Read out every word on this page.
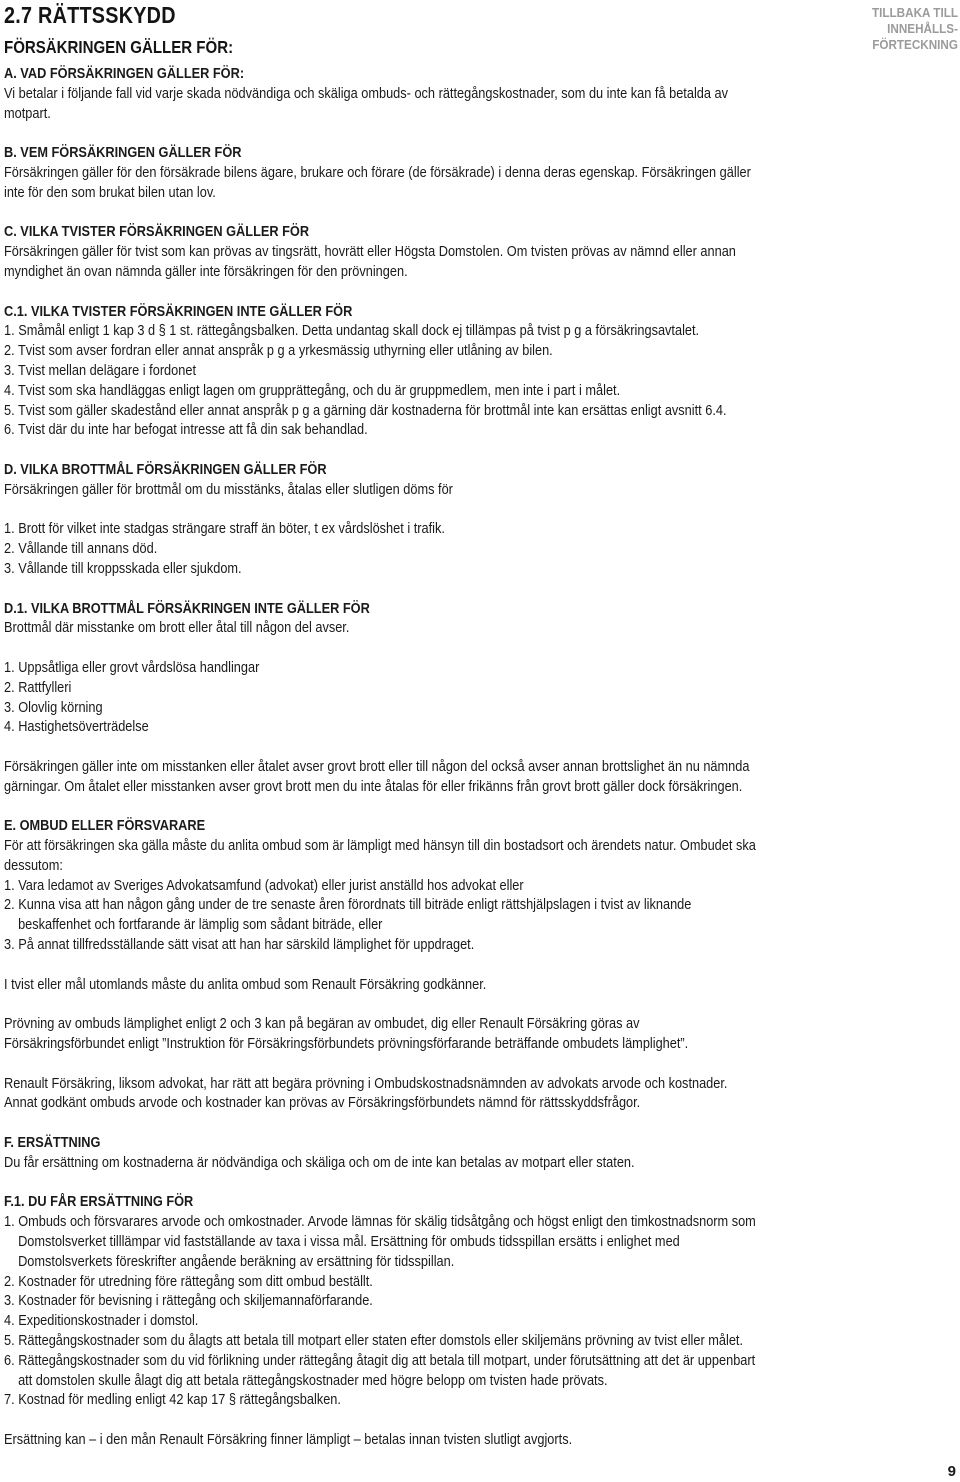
2.7 RÄTTSSKYDD
FÖRSÄKRINGEN GÄLLER FÖR:
TILLBAKA TILL INNEHÅLLS-FÖRTECKNING
A. VAD FÖRSÄKRINGEN GÄLLER FÖR:

Vi betalar i följande fall vid varje skada nödvändiga och skäliga ombuds- och rättegångskostnader, som du inte kan få betalda av motpart.

B. VEM FÖRSÄKRINGEN GÄLLER FÖR

Försäkringen gäller för den försäkrade bilens ägare, brukare och förare (de försäkrade) i denna deras egenskap. Försäkringen gäller inte för den som brukat bilen utan lov.

C. VILKA TVISTER FÖRSÄKRINGEN GÄLLER FÖR

Försäkringen gäller för tvist som kan prövas av tingsrätt, hovrätt eller Högsta Domstolen. Om tvisten prövas av nämnd eller annan myndighet än ovan nämnda gäller inte försäkringen för den prövningen.

C.1. VILKA TVISTER FÖRSÄKRINGEN INTE GÄLLER FÖR
1. Småmål enligt 1 kap 3 d § 1 st. rättegångsbalken. Detta undantag skall dock ej tillämpas på tvist p g a försäkringsavtalet.
2. Tvist som avser fordran eller annat anspråk p g a yrkesmässig uthyrning eller utlåning av bilen.
3. Tvist mellan delägare i fordonet
4. Tvist som ska handläggas enligt lagen om grupprättegång, och du är gruppmedlem, men inte i part i målet.
5. Tvist som gäller skadestånd eller annat anspråk p g a gärning där kostnaderna för brottmål inte kan ersättas enligt avsnitt 6.4.
6. Tvist där du inte har befogat intresse att få din sak behandlad.
D. VILKA BROTTMÅL FÖRSÄKRINGEN GÄLLER FÖR

Försäkringen gäller för brottmål om du misstänks, åtalas eller slutligen döms för

1. Brott för vilket inte stadgas strängare straff än böter, t ex vårdslöshet i trafik.
2. Vållande till annans död.
3. Vållande till kroppsskada eller sjukdom.
D.1. VILKA BROTTMÅL FÖRSÄKRINGEN INTE GÄLLER FÖR

Brottmål där misstanke om brott eller åtal till någon del avser.

1. Uppsåtliga eller grovt vårdslösa handlingar
2. Rattfylleri
3. Olovlig körning
4. Hastighetsöverträdelse

Försäkringen gäller inte om misstanken eller åtalet avser grovt brott eller till någon del också avser annan brottslighet än nu nämnda gärningar. Om åtalet eller misstanken avser grovt brott men du inte åtalas för eller frikänns från grovt brott gäller dock försäkringen.

E. OMBUD ELLER FÖRSVARARE

För att försäkringen ska gälla måste du anlita ombud som är lämpligt med hänsyn till din bostadsort och ärendets natur. Ombudet ska dessutom:

1. Vara ledamot av Sveriges Advokatsamfund (advokat) eller jurist anställd hos advokat eller
2. Kunna visa att han någon gång under de tre senaste åren förordnats till biträde enligt rättshjälpslagen i tvist av liknande beskaffenhet och fortfarande är lämplig som sådant biträde, eller
3. På annat tillfredsställande sätt visat att han har särskild lämplighet för uppdraget.

I tvist eller mål utomlands måste du anlita ombud som Renault Försäkring godkänner.

Prövning av ombuds lämplighet enligt 2 och 3 kan på begäran av ombudet, dig eller Renault Försäkring göras av Försäkringsförbundet enligt ”Instruktion för Försäkringsförbundets prövningsförfarande beträffande ombudets lämplighet”.

Renault Försäkring, liksom advokat, har rätt att begära prövning i Ombudskostnadsnämnden av advokats arvode och kostnader. Annat godkänt ombuds arvode och kostnader kan prövas av Försäkringsförbundets nämnd för rättsskyddsfrågor.

F. ERSÄTTNING

Du får ersättning om kostnaderna är nödvändiga och skäliga och om de inte kan betalas av motpart eller staten.

F.1. DU FÅR ERSÄTTNING FÖR
1. Ombuds och försvarares arvode och omkostnader. Arvode lämnas för skälig tidsåtgång och högst enligt den timkostnadsnorm som Domstolsverket tilllämpar vid fastställande av taxa i vissa mål. Ersättning för ombuds tidsspillan ersätts i enlighet med Domstolsverkets föreskrifter angående beräkning av ersättning för tidsspillan.
2. Kostnader för utredning före rättegång som ditt ombud beställt.
3. Kostnader för bevisning i rättegång och skiljemannaförfarande.
4. Expeditionskostnader i domstol.
5. Rättegångskostnader som du ålagts att betala till motpart eller staten efter domstols eller skiljemäns prövning av tvist eller målet.
6. Rättegångskostnader som du vid förlikning under rättegång åtagit dig att betala till motpart, under förutsättning att det är uppenbart att domstolen skulle ålagt dig att betala rättegångskostnader med högre belopp om tvisten hade prövats.
7. Kostnad för medling enligt 42 kap 17 § rättegångsbalken.

Ersättning kan – i den mån Renault Försäkring finner lämpligt – betalas innan tvisten slutligt avgjorts.

9
